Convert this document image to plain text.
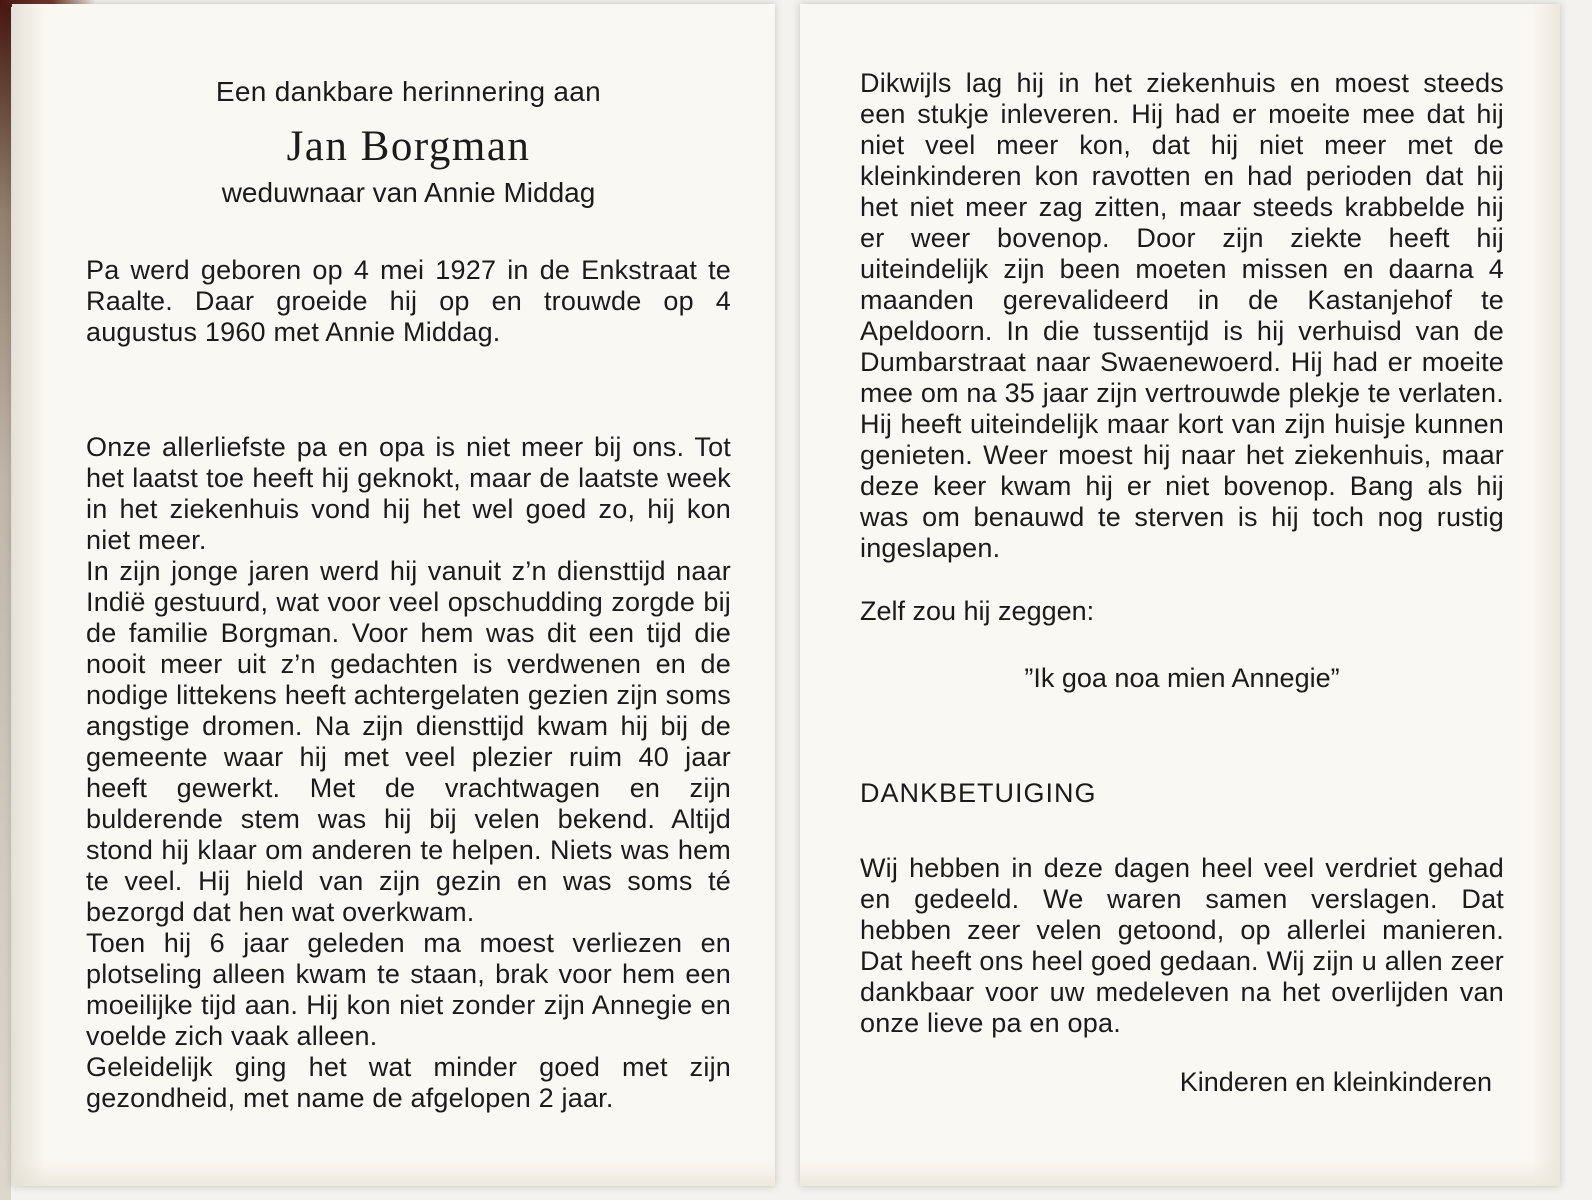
Een dankbare herinnering aan
Jan Borgman
weduwnaar van Annie Middag

Pa werd geboren op 4 mei 1927 in de Enkstraat te Raalte. Daar groeide hij op en trouwde op 4 augustus 1960 met Annie Middag.

Onze allerliefste pa en opa is niet meer bij ons. Tot het laatst toe heeft hij geknokt, maar de laatste week in het ziekenhuis vond hij het wel goed zo, hij kon niet meer.

In zijn jonge jaren werd hij vanuit z’n diensttijd naar Indië gestuurd, wat voor veel opschudding zorgde bij de familie Borgman. Voor hem was dit een tijd die nooit meer uit z’n gedachten is verdwenen en de nodige littekens heeft achtergelaten gezien zijn soms angstige dromen. Na zijn diensttijd kwam hij bij de gemeente waar hij met veel plezier ruim 40 jaar heeft gewerkt. Met de vrachtwagen en zijn bulderende stem was hij bij velen bekend. Altijd stond hij klaar om anderen te helpen. Niets was hem te veel. Hij hield van zijn gezin en was soms té bezorgd dat hen wat overkwam.

Toen hij 6 jaar geleden ma moest verliezen en plotseling alleen kwam te staan, brak voor hem een moeilijke tijd aan. Hij kon niet zonder zijn Annegie en voelde zich vaak alleen.

Geleidelijk ging het wat minder goed met zijn gezondheid, met name de afgelopen 2 jaar.

Dikwijls lag hij in het ziekenhuis en moest steeds een stukje inleveren. Hij had er moeite mee dat hij niet veel meer kon, dat hij niet meer met de kleinkinderen kon ravotten en had perioden dat hij het niet meer zag zitten, maar steeds krabbelde hij er weer bovenop. Door zijn ziekte heeft hij uiteindelijk zijn been moeten missen en daarna 4 maanden gerevalideerd in de Kastanjehof te Apeldoorn. In die tussentijd is hij verhuisd van de Dumbarstraat naar Swaenewoerd. Hij had er moeite mee om na 35 jaar zijn vertrouwde plekje te verlaten.

Hij heeft uiteindelijk maar kort van zijn huisje kunnen genieten. Weer moest hij naar het ziekenhuis, maar deze keer kwam hij er niet bovenop. Bang als hij was om benauwd te sterven is hij toch nog rustig ingeslapen.

Zelf zou hij zeggen:

”Ik goa noa mien Annegie”

DANKBETUIGING

Wij hebben in deze dagen heel veel verdriet gehad en gedeeld. We waren samen verslagen. Dat hebben zeer velen getoond, op allerlei manieren. Dat heeft ons heel goed gedaan. Wij zijn u allen zeer dankbaar voor uw medeleven na het overlijden van onze lieve pa en opa.

Kinderen en kleinkinderen
